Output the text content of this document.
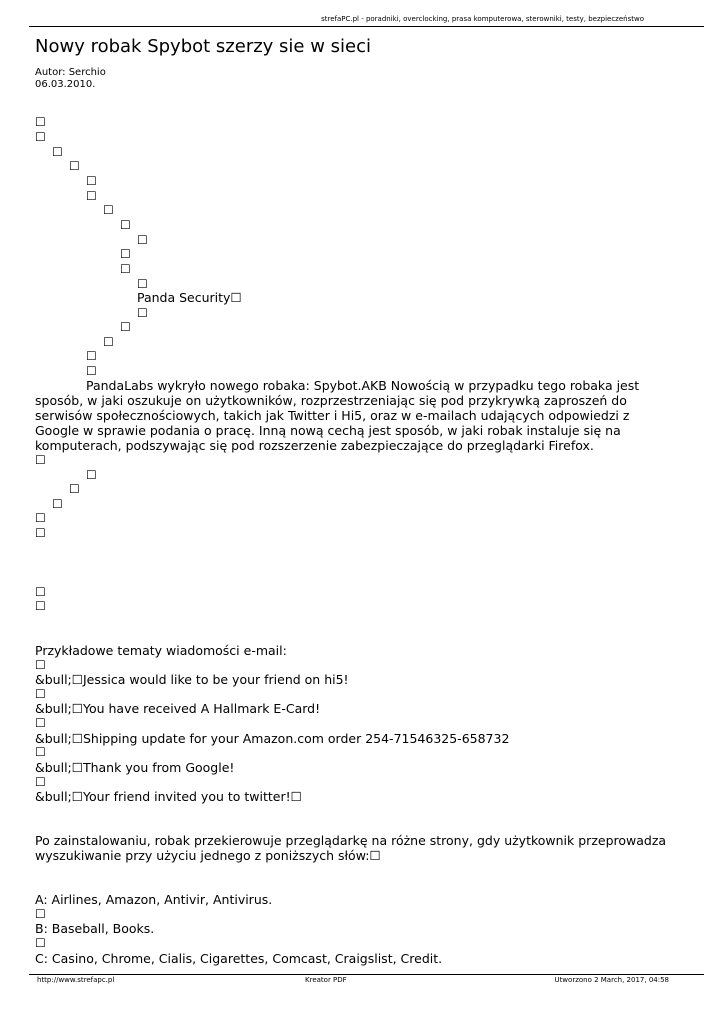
strefaPC.pl - poradniki, overclocking, prasa komputerowa, sterowniki, testy, bezpieczeństwo
Nowy robak Spybot szerzy sie w sieci
Autor: Serchio
06.03.2010.
☐
☐
☐
☐
☐
☐
☐
☐
☐
☐
☐
☐
Panda Security☐
☐
☐
☐
☐
☐
PandaLabs wykryło nowego robaka: Spybot.AKB Nowością w przypadku tego robaka jest sposób, w jaki oszukuje on użytkowników, rozprzestrzeniając się pod przykrywką zaproszeń do serwisów społecznościowych, takich jak Twitter i Hi5, oraz w e-mailach udających odpowiedzi z Google w sprawie podania o pracę. Inną nową cechą jest sposób, w jaki robak instaluje się na komputerach, podszywając się pod rozszerzenie zabezpieczające do przeglądarki Firefox.
☐
☐
☐
☐
☐
☐
☐
☐
Przykładowe tematy wiadomości e-mail:
☐
&bull;☐Jessica would like to be your friend on hi5!
☐
&bull;☐You have received A Hallmark E-Card!
☐
&bull;☐Shipping update for your Amazon.com order 254-71546325-658732
☐
&bull;☐Thank you from Google!
☐
&bull;☐Your friend invited you to twitter!☐
Po zainstalowaniu, robak przekierowuje przeglądarkę na różne strony, gdy użytkownik przeprowadza wyszukiwanie przy użyciu jednego z poniższych słów:☐
A: Airlines, Amazon, Antivir, Antivirus.
☐
B: Baseball, Books.
☐
C: Casino, Chrome, Cialis, Cigarettes, Comcast, Craigslist, Credit.
http://www.strefapc.pl	Kreator PDF	Utworzono 2 March, 2017, 04:58
